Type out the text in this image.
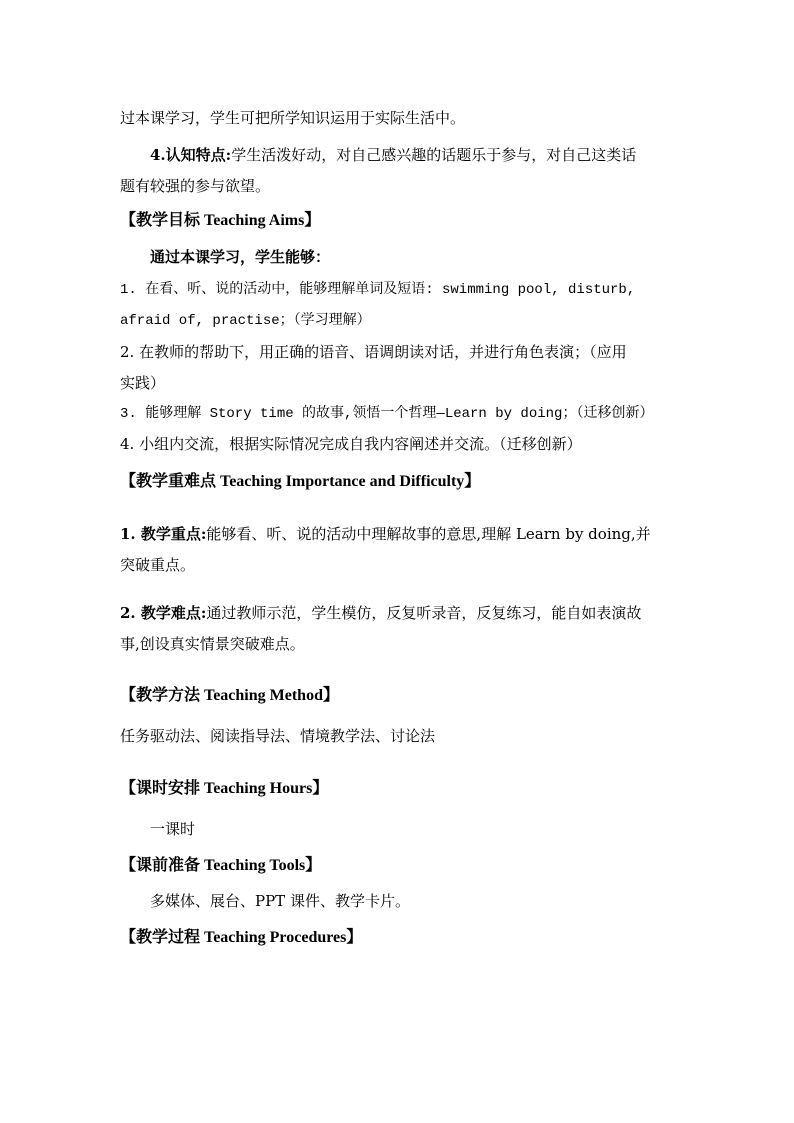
过本课学习，学生可把所学知识运用于实际生活中。
4.认知特点:学生活泼好动，对自己感兴趣的话题乐于参与，对自己这类话
题有较强的参与欲望。
【教学目标 Teaching Aims】
通过本课学习，学生能够：
1. 在看、听、说的活动中，能够理解单词及短语: swimming pool, disturb,
afraid of, practise；（学习理解）
2. 在教师的帮助下，用正确的语音、语调朗读对话，并进行角色表演；（应用
实践）
3. 能够理解 Story time 的故事,领悟一个哲理—Learn by doing；（迁移创新）
4. 小组内交流，根据实际情况完成自我内容阐述并交流。（迁移创新）
【教学重难点 Teaching Importance and Difficulty】
1. 教学重点:能够看、听、说的活动中理解故事的意思,理解 Learn by doing,并
突破重点。
2. 教学难点:通过教师示范，学生模仿，反复听录音，反复练习，能自如表演故
事,创设真实情景突破难点。
【教学方法 Teaching Method】
任务驱动法、阅读指导法、情境教学法、讨论法
【课时安排 Teaching Hours】
一课时
【课前准备 Teaching Tools】
多媒体、展台、PPT 课件、教学卡片。
【教学过程 Teaching Procedures】
